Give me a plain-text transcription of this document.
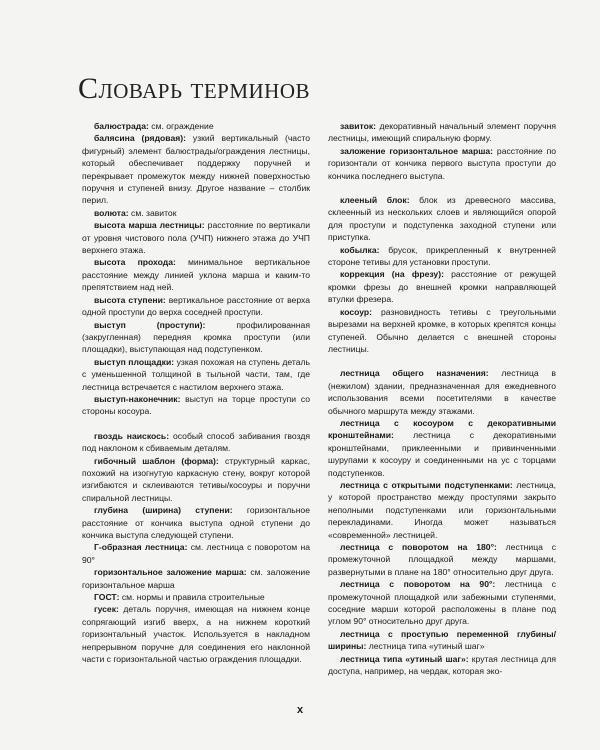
Словарь терминов

балюстрада: см. ограждение

балясина (рядовая): узкий вертикальный (часто фигурный) элемент балюстрады/ограждения лестницы, который обеспечивает поддержку поручней и перекрывает промежуток между нижней поверхностью поручня и ступеней внизу. Другое название – столбик перил.

волюта: см. завиток

высота марша лестницы: расстояние по вертикали от уровня чистового пола (УЧП) нижнего этажа до УЧП верхнего этажа.

высота прохода: минимальное вертикальное расстояние между линией уклона марша и каким-то препятствием над ней.

высота ступени: вертикальное расстояние от верха одной проступи до верха соседней проступи.

выступ (проступи): профилированная (закругленная) передняя кромка проступи (или площадки), выступающая над подступенком.

выступ площадки: узкая похожая на ступень деталь с уменьшенной толщиной в тыльной части, там, где лестница встречается с настилом верхнего этажа.

выступ-наконечник: выступ на торце проступи со стороны косоура.

гвоздь наискось: особый способ забивания гвоздя под наклоном к сбиваемым деталям.

гибочный шаблон (форма): структурный каркас, похожий на изогнутую каркасную стену, вокруг которой изгибаются и склеиваются тетивы/косоуры и поручни спиральной лестницы.

глубина (ширина) ступени: горизонтальное расстояние от кончика выступа одной ступени до кончика выступа следующей ступени.

Г-образная лестница: см. лестница с поворотом на 90°

горизонтальное заложение марша: см. заложение горизонтальное марша

ГОСТ: см. нормы и правила строительные

гусек: деталь поручня, имеющая на нижнем конце сопрягающий изгиб вверх, а на нижнем короткий горизонтальный участок. Используется в накладном непрерывном поручне для соединения его наклонной части с горизонтальной частью ограждения площадки.

завиток: декоративный начальный элемент поручня лестницы, имеющий спиральную форму.

заложение горизонтальное марша: расстояние по горизонтали от кончика первого выступа проступи до кончика последнего выступа.

клееный блок: блок из древесного массива, склеенный из нескольких слоев и являющийся опорой для проступи и подступенка заходной ступени или приступка.

кобылка: брусок, прикрепленный к внутренней стороне тетивы для установки проступи.

коррекция (на фрезу): расстояние от режущей кромки фрезы до внешней кромки направляющей втулки фрезера.

косоур: разновидность тетивы с треугольными вырезами на верхней кромке, в которых крепятся концы ступеней. Обычно делается с внешней стороны лестницы.

лестница общего назначения: лестница в (нежилом) здании, предназначенная для ежедневного использования всеми посетителями в качестве обычного маршрута между этажами.

лестница с косоуром с декоративными кронштейнами: лестница с декоративными кронштейнами, приклеенными и привинченными шурупами к косоуру и соединенными на ус с торцами подступенков.

лестница с открытыми подступенками: лестница, у которой пространство между проступями закрыто неполными подступенками или горизонтальными перекладинами. Иногда может называться «современной» лестницей.

лестница с поворотом на 180°: лестница с промежуточной площадкой между маршами, развернутыми в плане на 180° относительно друг друга.

лестница с поворотом на 90°: лестница с промежуточной площадкой или забежными ступенями, соседние марши которой расположены в плане под углом 90° относительно друг друга.

лестница с проступью переменной глубины/ширины: лестница типа «утиный шаг»

лестница типа «утиный шаг»: крутая лестница для доступа, например, на чердак, которая эко-

x
